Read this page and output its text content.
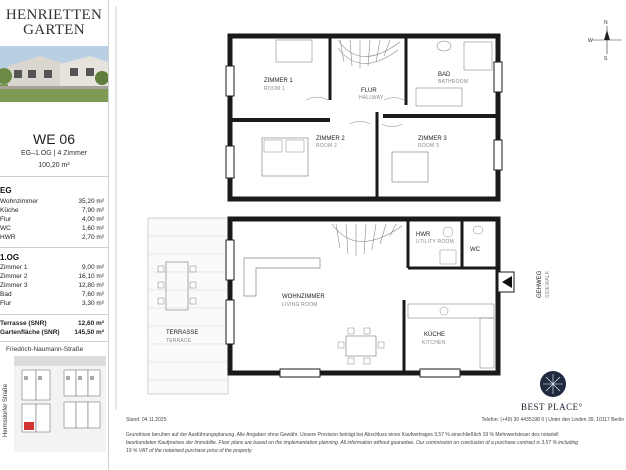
HENRIETTEN
GARTEN
WE 06
EG–1.OG | 4 Zimmer
100,20 m²
EG
Wohnzimmer	35,20 m²
Küche	7,90 m²
Flur	4,00 m²
WC	1,60 m²
HWR	2,70 m²
1.OG
Zimmer 1	9,00 m²
Zimmer 2	16,10 m²
Zimmer 3	12,80 m²
Bad	7,60 m²
Flur	3,30 m²
Terrasse (SNR)	12,60 m²
Gartenfläche (SNR) 145,50 m²
Friedrich-Naumann-Straße
Hermsdorfer Straße
ZIMMER 1
ROOM 1	FLUR
HALLWAY
BAD
BATHROOM
ZIMMER 2
ROOM 2
ZIMMER 3
ROOM 3
HWR
UTILITY ROOM
WC
WOHNZIMMER
LIVING ROOM
TERRASSE
TERRACE
KÜCHE
KITCHEN
GEHWEG SIDEWALK
N
W
S
BEST PLACE°
Stand: 04.11.2025	Telefon: (+49) 30 4435198 0 | Unter den Linden 39, 10117 Berlin
Grundrisse beruhen auf der Ausführungsplanung. Alle Angaben ohne Gewähr. Unsere Provision beträgt bei Abschluss eines Kaufvertrages 3,57 % einschließlich 19 % Mehrwertsteuer des notariell
beurkundeten Kaufpreises der Immobilie. Floor plans are based on the implementation planning. All information without guarantee. Our commission on conclusion of a purchase contract is 3.57 % including
19 % VAT of the notarised purchase price of the property.
